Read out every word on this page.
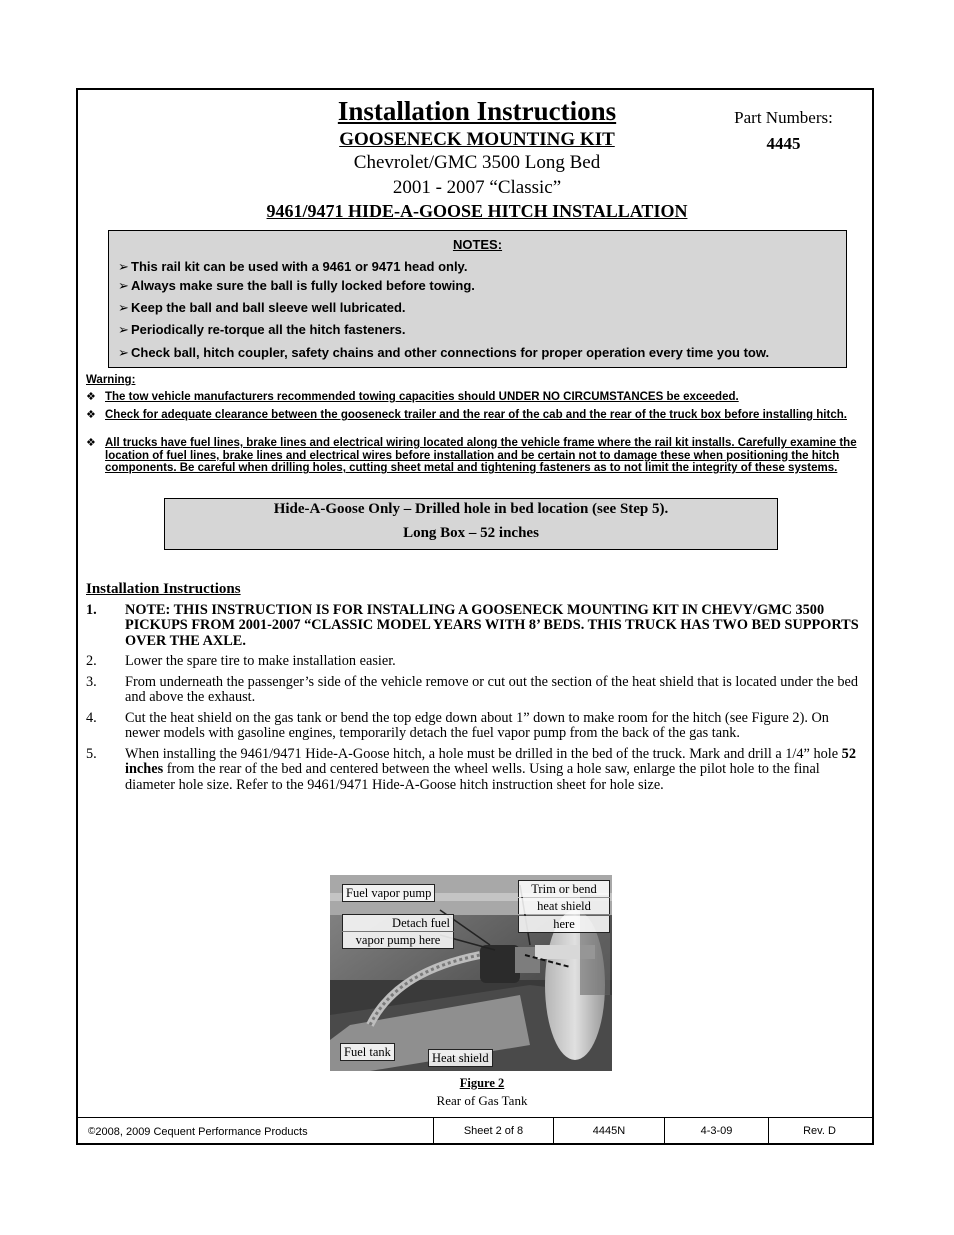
Installation Instructions
GOOSENECK MOUNTING KIT
Chevrolet/GMC 3500 Long Bed
2001 - 2007 “Classic”
9461/9471 HIDE-A-GOOSE HITCH INSTALLATION
Part Numbers:
4445
NOTES:
➢ This rail kit can be used with a 9461 or 9471 head only.
➢ Always make sure the ball is fully locked before towing.
➢ Keep the ball and ball sleeve well lubricated.
➢ Periodically re-torque all the hitch fasteners.
➢ Check ball, hitch coupler, safety chains and other connections for proper operation every time you tow.
Warning:
❖ The tow vehicle manufacturers recommended towing capacities should UNDER NO CIRCUMSTANCES be exceeded.
❖ Check for adequate clearance between the gooseneck trailer and the rear of the cab and the rear of the truck box before installing hitch.
❖ All trucks have fuel lines, brake lines and electrical wiring located along the vehicle frame where the rail kit installs. Carefully examine the location of fuel lines, brake lines and electrical wires before installation and be certain not to damage these when positioning the hitch components. Be careful when drilling holes, cutting sheet metal and tightening fasteners as to not limit the integrity of these systems.
Hide-A-Goose Only – Drilled hole in bed location (see Step 5).
Long Box – 52 inches
Installation Instructions
1. NOTE: THIS INSTRUCTION IS FOR INSTALLING A GOOSENECK MOUNTING KIT IN CHEVY/GMC 3500 PICKUPS FROM 2001-2007 “CLASSIC MODEL YEARS WITH 8’ BEDS. THIS TRUCK HAS TWO BED SUPPORTS OVER THE AXLE.
2. Lower the spare tire to make installation easier.
3. From underneath the passenger’s side of the vehicle remove or cut out the section of the heat shield that is located under the bed and above the exhaust.
4. Cut the heat shield on the gas tank or bend the top edge down about 1” down to make room for the hitch (see Figure 2). On newer models with gasoline engines, temporarily detach the fuel vapor pump from the back of the gas tank.
5. When installing the 9461/9471 Hide-A-Goose hitch, a hole must be drilled in the bed of the truck. Mark and drill a 1/4” hole 52 inches from the rear of the bed and centered between the wheel wells. Using a hole saw, enlarge the pilot hole to the final diameter hole size. Refer to the 9461/9471 Hide-A-Goose hitch instruction sheet for hole size.
Fuel vapor pump
Detach fuel
vapor pump here
Trim or bend
heat shield
here
Fuel tank	Heat shield
Figure 2
Rear of Gas Tank
©2008, 2009 Cequent Performance Products	Sheet 2 of 8	4445N	4-3-09	Rev. D
